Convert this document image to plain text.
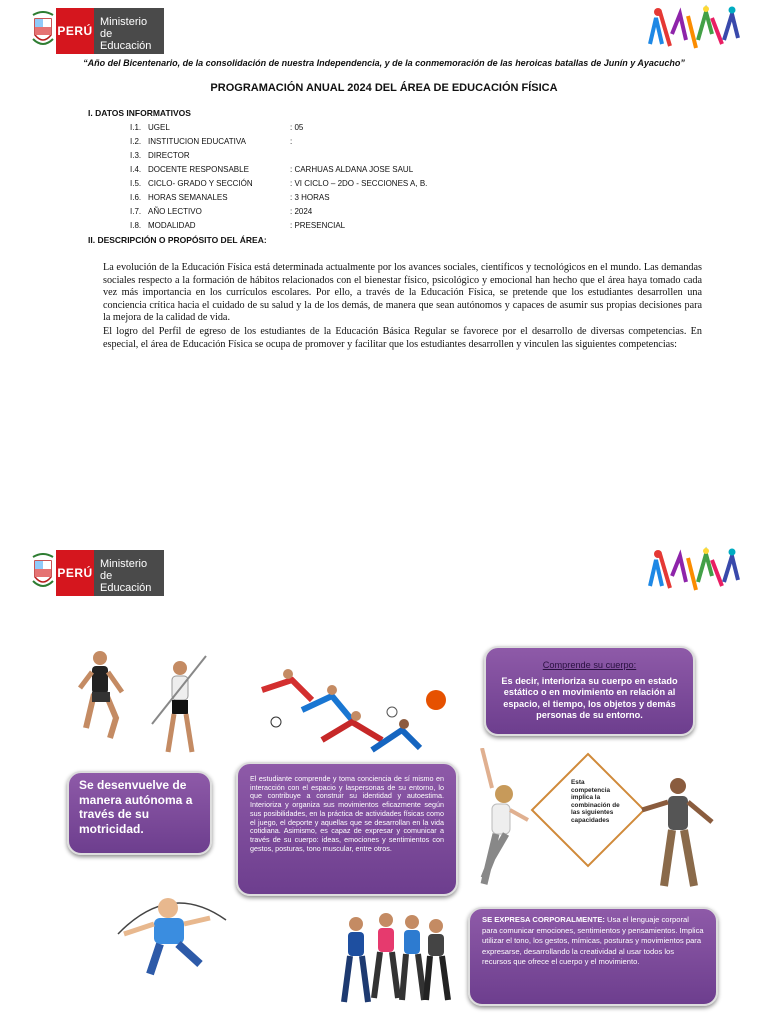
PERÚ
Ministerio
de Educación
“Año del Bicentenario, de la consolidación de nuestra Independencia, y de la conmemoración de las heroicas batallas de Junín y Ayacucho”
PROGRAMACIÓN ANUAL 2024 DEL ÁREA DE EDUCACIÓN FÍSICA
I. DATOS INFORMATIVOS
I.1. UGEL	: 05
I.2. INSTITUCION EDUCATIVA	:
I.3. DIRECTOR
I.4. DOCENTE RESPONSABLE	: CARHUAS ALDANA JOSE SAUL
I.5. CICLO- GRADO Y SECCIÓN	: VI CICLO – 2DO - SECCIONES A, B.
I.6. HORAS SEMANALES	: 3 HORAS
I.7. AÑO LECTIVO	: 2024
I.8. MODALIDAD	: PRESENCIAL
II. DESCRIPCIÓN O PROPÓSITO DEL ÁREA:
La evolución de la Educación Física está determinada actualmente por los avances sociales, científicos y tecnológicos en el mundo. Las demandas sociales respecto a la formación de hábitos relacionados con el bienestar físico, psicológico y emocional han hecho que el área haya tomado cada vez más importancia en los currículos escolares. Por ello, a través de la Educación Física, se pretende que los estudiantes desarrollen una conciencia crítica hacia el cuidado de su salud y la de los demás, de manera que sean autónomos y capaces de asumir sus propias decisiones para la mejora de la calidad de vida.
El logro del Perfil de egreso de los estudiantes de la Educación Básica Regular se favorece por el desarrollo de diversas competencias. En especial, el área de Educación Física se ocupa de promover y facilitar que los estudiantes desarrollen y vinculen las siguientes competencias:
PERÚ
Ministerio
de Educación
Comprende su cuerpo:
Es decir, interioriza su cuerpo en estado estático o en movimiento en relación al espacio, el tiempo, los objetos y demás personas de su entorno.
Se desenvuelve de manera autónoma a través de su motricidad.
El estudiante comprende y toma conciencia de sí mismo en interacción con el espacio y laspersonas de su entorno, lo que contribuye a construir su identidad y autoestima. Interioriza y organiza sus movimientos eficazmente según sus posibilidades, en la práctica de actividades físicas como el juego, el deporte y aquellas que se desarrollan en la vida cotidiana. Asimismo, es capaz de expresar y comunicar a través de su cuerpo: ideas, emociones y sentimientos con gestos, posturas, tono muscular, entre otros.
Esta competencia implica la combinación de las siguientes capacidades
SE EXPRESA CORPORALMENTE: Usa el lenguaje corporal para comunicar emociones, sentimientos y pensamientos. Implica utilizar el tono, los gestos, mímicas, posturas y movimientos para expresarse, desarrollando la creatividad al usar todos los recursos que ofrece el cuerpo y el movimiento.
